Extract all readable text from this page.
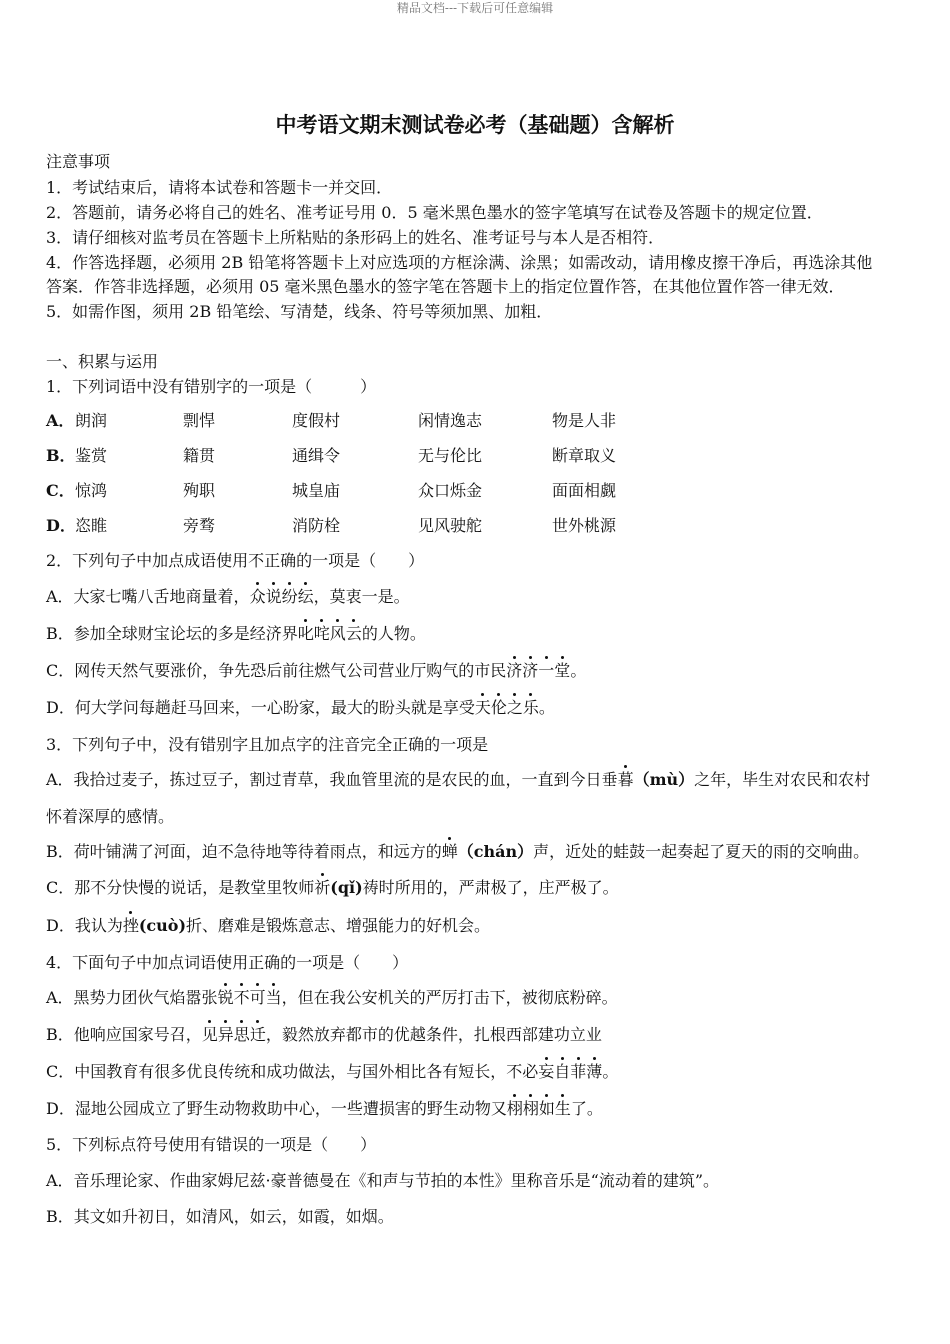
精品文档---下载后可任意编辑
中考语文期末测试卷必考（基础题）含解析
注意事项
1．考试结束后，请将本试卷和答题卡一并交回．
2．答题前，请务必将自己的姓名、准考证号用 0．5 毫米黑色墨水的签字笔填写在试卷及答题卡的规定位置．
3．请仔细核对监考员在答题卡上所粘贴的条形码上的姓名、准考证号与本人是否相符．
4．作答选择题，必须用 2B 铅笔将答题卡上对应选项的方框涂满、涂黑；如需改动，请用橡皮擦干净后，再选涂其他
答案．作答非选择题，必须用 05 毫米黑色墨水的签字笔在答题卡上的指定位置作答，在其他位置作答一律无效．
5．如需作图，须用 2B 铅笔绘、写清楚，线条、符号等须加黑、加粗．
一、积累与运用
1．下列词语中没有错别字的一项是（　　　）
A． 朗润	剽悍	度假村	闲情逸志	物是人非
B． 鉴赏	籍贯	通缉令	无与伦比	断章取义
C． 惊鸿	殉职	城皇庙	众口烁金	面面相觑
D． 恣睢	旁骛	消防栓	见风驶舵	世外桃源
2．下列句子中加点成语使用不正确的一项是（　　）
A．大家七嘴八舌地商量着，众说纷纭，莫衷一是。
B．参加全球财宝论坛的多是经济界叱咤风云的人物。
C．网传天然气要涨价，争先恐后前往燃气公司营业厅购气的市民济济一堂。
D．何大学问每趟赶马回来，一心盼家，最大的盼头就是享受天伦之乐。
3．下列句子中，没有错别字且加点字的注音完全正确的一项是
A．我拾过麦子，拣过豆子，割过青草，我血管里流的是农民的血，一直到今日垂暮（mù）之年，毕生对农民和农村
怀着深厚的感情。
B．荷叶铺满了河面，迫不急待地等待着雨点，和远方的蝉（chán）声，近处的蛙鼓一起奏起了夏天的雨的交响曲。
C．那不分快慢的说话，是教堂里牧师祈(qǐ)祷时所用的，严肃极了，庄严极了。
D．我认为挫(cuò)折、磨难是锻炼意志、增强能力的好机会。
4．下面句子中加点词语使用正确的一项是（　　）
A．黑势力团伙气焰嚣张锐不可当，但在我公安机关的严厉打击下，被彻底粉碎。
B．他响应国家号召，见异思迁，毅然放弃都市的优越条件，扎根西部建功立业
C．中国教育有很多优良传统和成功做法，与国外相比各有短长，不必妄自菲薄。
D．湿地公园成立了野生动物救助中心，一些遭损害的野生动物又栩栩如生了。
5．下列标点符号使用有错误的一项是（　　）
A．音乐理论家、作曲家姆尼兹·豪普德曼在《和声与节拍的本性》里称音乐是“流动着的建筑”。
B．其文如升初日，如清风，如云，如霞，如烟。
